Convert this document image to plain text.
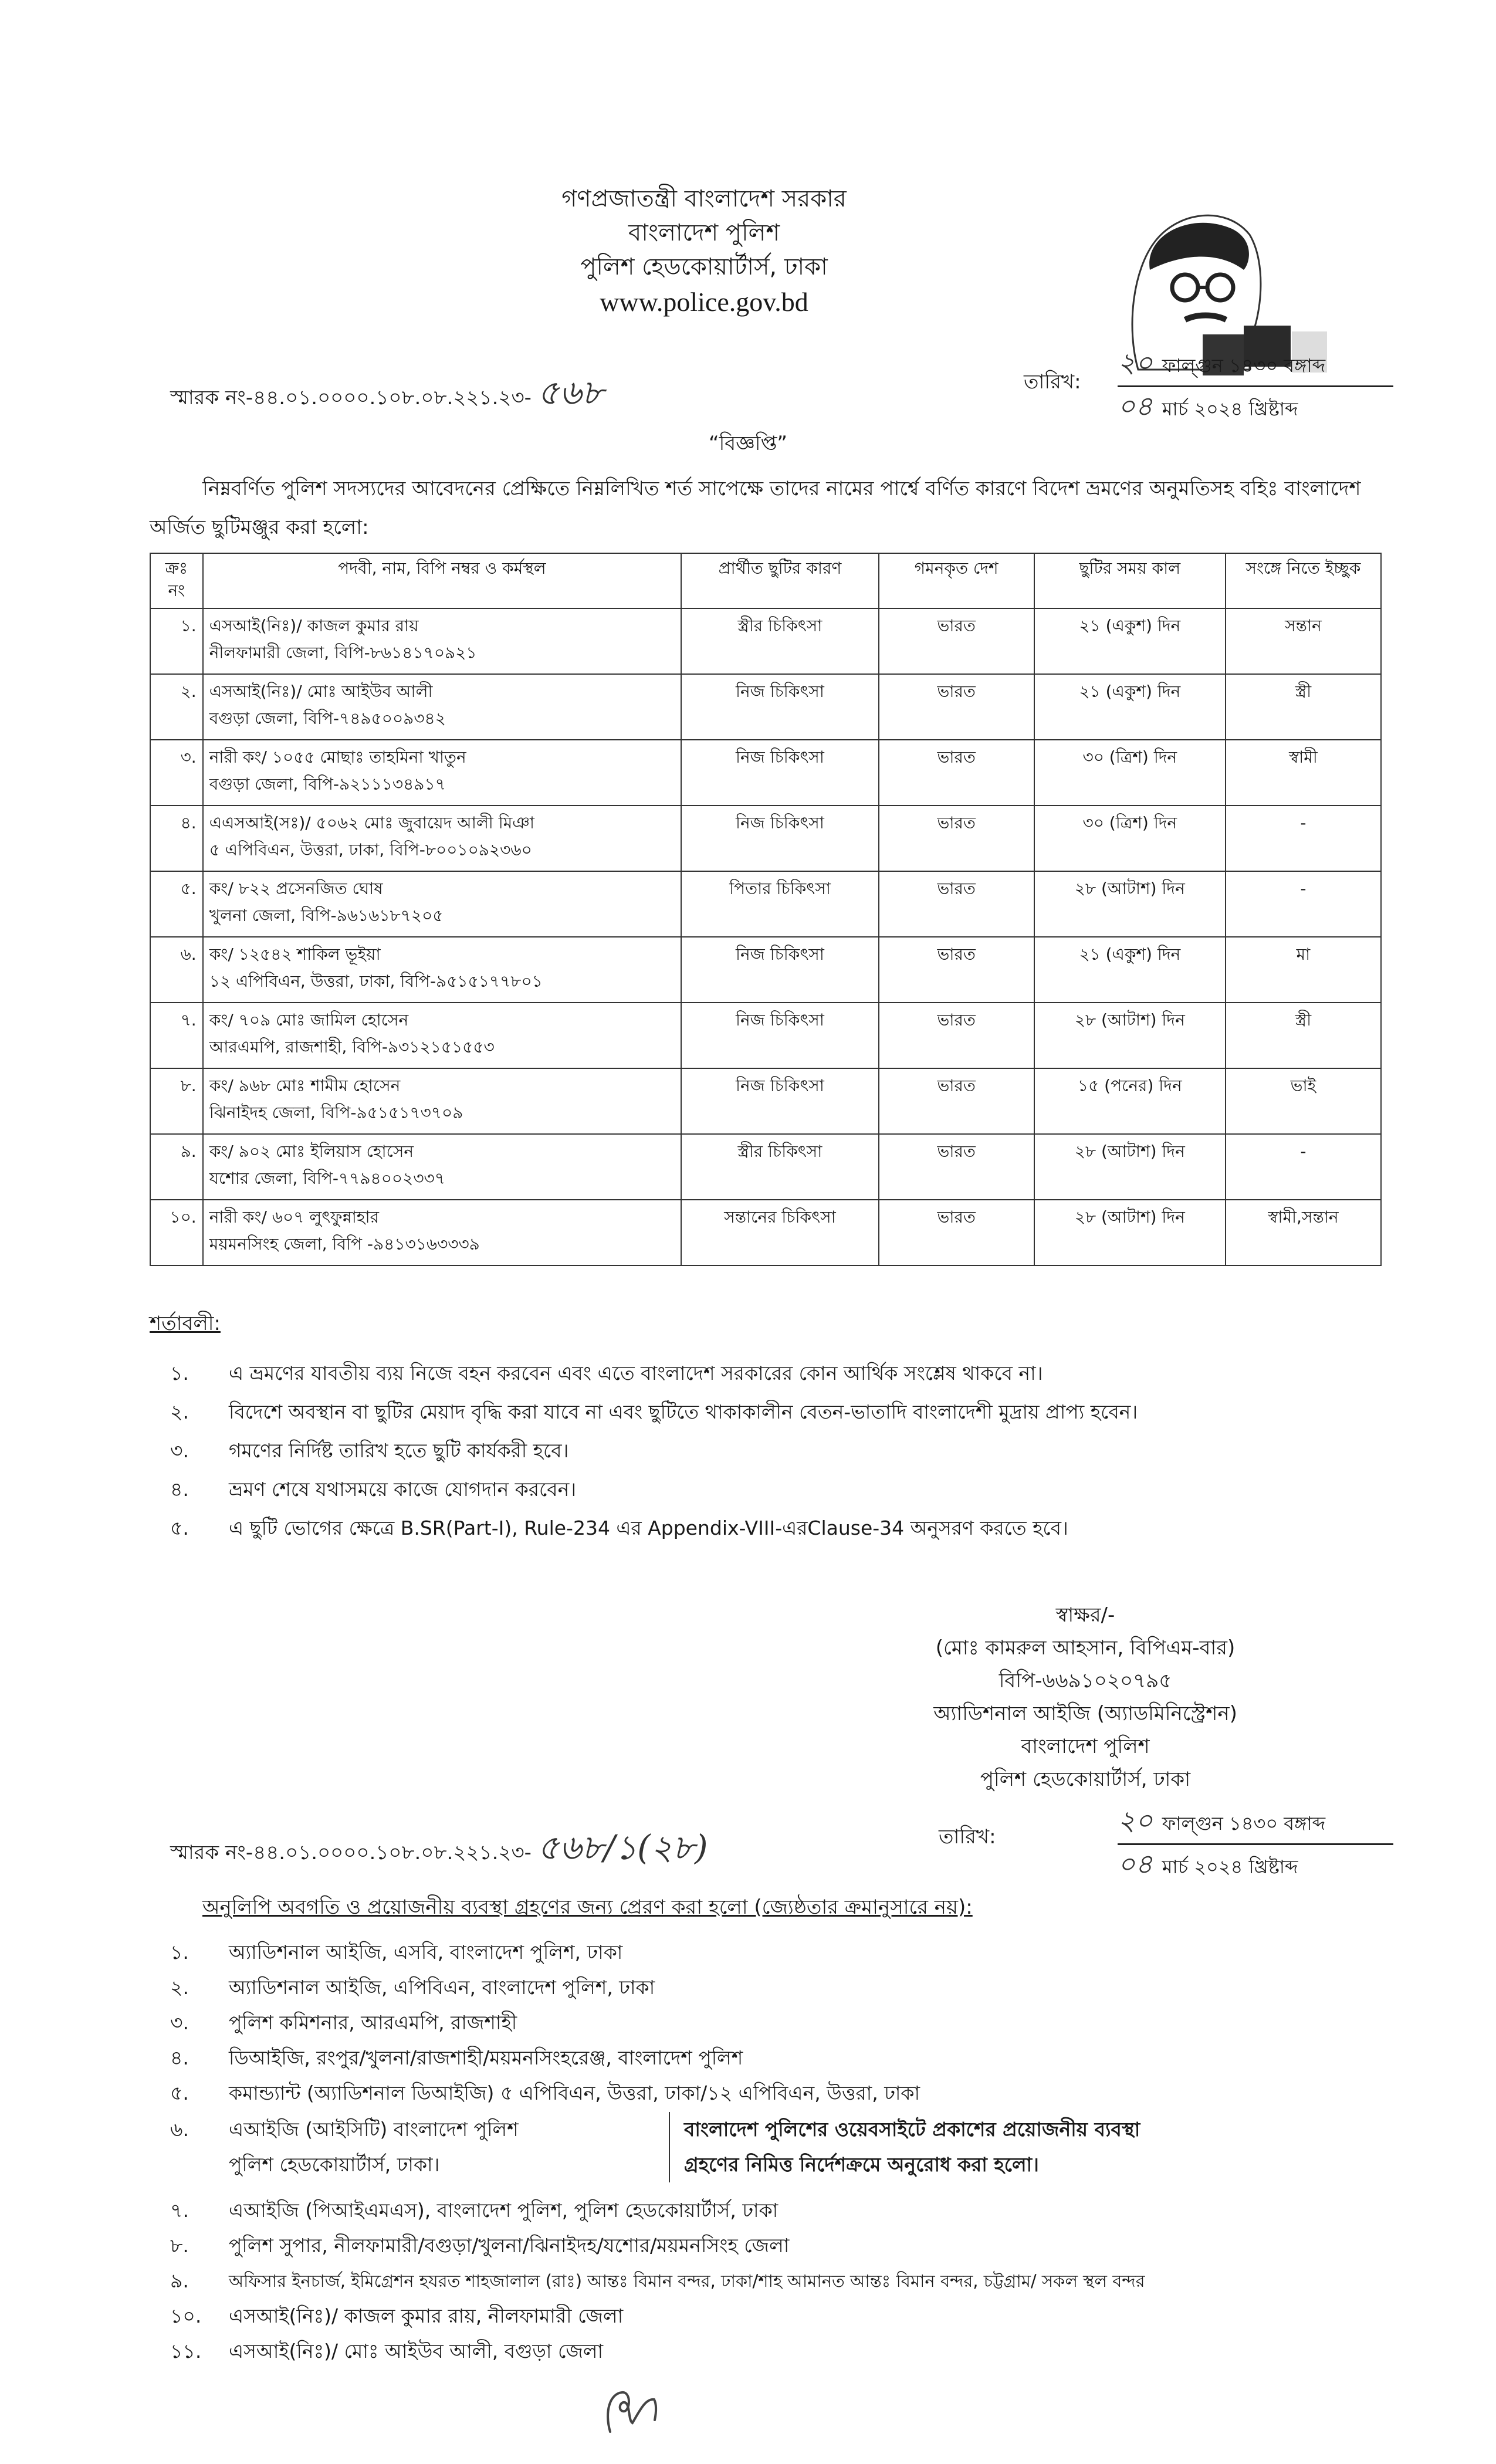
গণপ্রজাতন্ত্রী বাংলাদেশ সরকার
বাংলাদেশ পুলিশ
পুলিশ হেডকোয়ার্টার্স, ঢাকা
www.police.gov.bd
স্মারক নং-৪৪.০১.০০০০.১০৮.০৮.২২১.২৩- ৫৬৮	তারিখ:
২০ ফাল্গুন ১৪৩০ বঙ্গাব্দ
০৪ মার্চ ২০২৪ খ্রিষ্টাব্দ
“বিজ্ঞপ্তি”
নিম্নবর্ণিত পুলিশ সদস্যদের আবেদনের প্রেক্ষিতে নিম্নলিখিত শর্ত সাপেক্ষে তাদের নামের পার্শ্বে বর্ণিত কারণে বিদেশ ভ্রমণের অনুমতিসহ বহিঃ বাংলাদেশ অর্জিত ছুটিমঞ্জুর করা হলো:
ক্রঃ নং	পদবী, নাম, বিপি নম্বর ও কর্মস্থল	প্রার্থীত ছুটির কারণ	গমনকৃত দেশ	ছুটির সময় কাল	সংঙ্গে নিতে ইচ্ছুক

১.	এসআই(নিঃ)/ কাজল কুমার রায়
নীলফামারী জেলা, বিপি-৮৬১৪১৭০৯২১	স্ত্রীর চিকিৎসা	ভারত	২১ (একুশ) দিন	সন্তান

২.	এসআই(নিঃ)/ মোঃ আইউব আলী
বগুড়া জেলা, বিপি-৭৪৯৫০০৯৩৪২	নিজ চিকিৎসা	ভারত	২১ (একুশ) দিন	স্ত্রী

৩.	নারী কং/ ১০৫৫ মোছাঃ তাহমিনা খাতুন
বগুড়া জেলা, বিপি-৯২১১১৩৪৯১৭	নিজ চিকিৎসা	ভারত	৩০ (ত্রিশ) দিন	স্বামী

৪.	এএসআই(সঃ)/ ৫০৬২ মোঃ জুবায়েদ আলী মিঞা
৫ এপিবিএন, উত্তরা, ঢাকা, বিপি-৮০০১০৯২৩৬০	নিজ চিকিৎসা	ভারত	৩০ (ত্রিশ) দিন	-

৫.	কং/ ৮২২ প্রসেনজিত ঘোষ
খুলনা জেলা, বিপি-৯৬১৬১৮৭২০৫	পিতার চিকিৎসা	ভারত	২৮ (আটাশ) দিন	-

৬.	কং/ ১২৫৪২ শাকিল ভূইয়া
১২ এপিবিএন, উত্তরা, ঢাকা, বিপি-৯৫১৫১৭৭৮০১	নিজ চিকিৎসা	ভারত	২১ (একুশ) দিন	মা

৭.	কং/ ৭০৯ মোঃ জামিল হোসেন
আরএমপি, রাজশাহী, বিপি-৯৩১২১৫১৫৫৩	নিজ চিকিৎসা	ভারত	২৮ (আটাশ) দিন	স্ত্রী

৮.	কং/ ৯৬৮ মোঃ শামীম হোসেন
ঝিনাইদহ জেলা, বিপি-৯৫১৫১৭৩৭০৯	নিজ চিকিৎসা	ভারত	১৫ (পনের) দিন	ভাই

৯.	কং/ ৯০২ মোঃ ইলিয়াস হোসেন
যশোর জেলা, বিপি-৭৭৯৪০০২৩৩৭	স্ত্রীর চিকিৎসা	ভারত	২৮ (আটাশ) দিন	-

১০.	নারী কং/ ৬০৭ লুৎফুন্নাহার
ময়মনসিংহ জেলা, বিপি -৯৪১৩১৬৩৩৩৯	সন্তানের চিকিৎসা	ভারত	২৮ (আটাশ) দিন	স্বামী,সন্তান
শর্তাবলী:
১.	এ ভ্রমণের যাবতীয় ব্যয় নিজে বহন করবেন এবং এতে বাংলাদেশ সরকারের কোন আর্থিক সংশ্লেষ থাকবে না।
২.	বিদেশে অবস্থান বা ছুটির মেয়াদ বৃদ্ধি করা যাবে না এবং ছুটিতে থাকাকালীন বেতন-ভাতাদি বাংলাদেশী মুদ্রায় প্রাপ্য হবেন।
৩.	গমণের নির্দিষ্ট তারিখ হতে ছুটি কার্যকরী হবে।
৪.	ভ্রমণ শেষে যথাসময়ে কাজে যোগদান করবেন।
৫.	এ ছুটি ভোগের ক্ষেত্রে B.SR(Part-I), Rule-234 এর Appendix-VIII-এরClause-34 অনুসরণ করতে হবে।
স্বাক্ষর/-
(মোঃ কামরুল আহসান, বিপিএম-বার)
বিপি-৬৬৯১০২০৭৯৫
অ্যাডিশনাল আইজি (অ্যাডমিনিস্ট্রেশন)
বাংলাদেশ পুলিশ
পুলিশ হেডকোয়ার্টার্স, ঢাকা
স্মারক নং-৪৪.০১.০০০০.১০৮.০৮.২২১.২৩- ৫৬৮/১(২৮)	তারিখ:
২০ ফাল্গুন ১৪৩০ বঙ্গাব্দ
০৪ মার্চ ২০২৪ খ্রিষ্টাব্দ
অনুলিপি অবগতি ও প্রয়োজনীয় ব্যবস্থা গ্রহণের জন্য প্রেরণ করা হলো (জ্যেষ্ঠতার ক্রমানুসারে নয়):
১.	অ্যাডিশনাল আইজি, এসবি, বাংলাদেশ পুলিশ, ঢাকা
২.	অ্যাডিশনাল আইজি, এপিবিএন, বাংলাদেশ পুলিশ, ঢাকা
৩.	পুলিশ কমিশনার, আরএমপি, রাজশাহী
৪.	ডিআইজি, রংপুর/খুলনা/রাজশাহী/ময়মনসিংহরেঞ্জ, বাংলাদেশ পুলিশ
৫.	কমান্ড্যান্ট (অ্যাডিশনাল ডিআইজি) ৫ এপিবিএন, উত্তরা, ঢাকা/১২ এপিবিএন, উত্তরা, ঢাকা
৬.	এআইজি (আইসিটি) বাংলাদেশ পুলিশ
পুলিশ হেডকোয়ার্টার্স, ঢাকা।
বাংলাদেশ পুলিশের ওয়েবসাইটে প্রকাশের প্রয়োজনীয় ব্যবস্থা
গ্রহণের নিমিত্ত নির্দেশক্রমে অনুরোধ করা হলো।
৭.	এআইজি (পিআইএমএস), বাংলাদেশ পুলিশ, পুলিশ হেডকোয়ার্টার্স, ঢাকা
৮.	পুলিশ সুপার, নীলফামারী/বগুড়া/খুলনা/ঝিনাইদহ/যশোর/ময়মনসিংহ জেলা
৯.	অফিসার ইনচার্জ, ইমিগ্রেশন হযরত শাহজালাল (রাঃ) আন্তঃ বিমান বন্দর, ঢাকা/শাহ আমানত আন্তঃ বিমান বন্দর, চট্টগ্রাম/ সকল স্থল বন্দর
১০.	এসআই(নিঃ)/ কাজল কুমার রায়, নীলফামারী জেলা
১১.	এসআই(নিঃ)/ মোঃ আইউব আলী, বগুড়া জেলা
